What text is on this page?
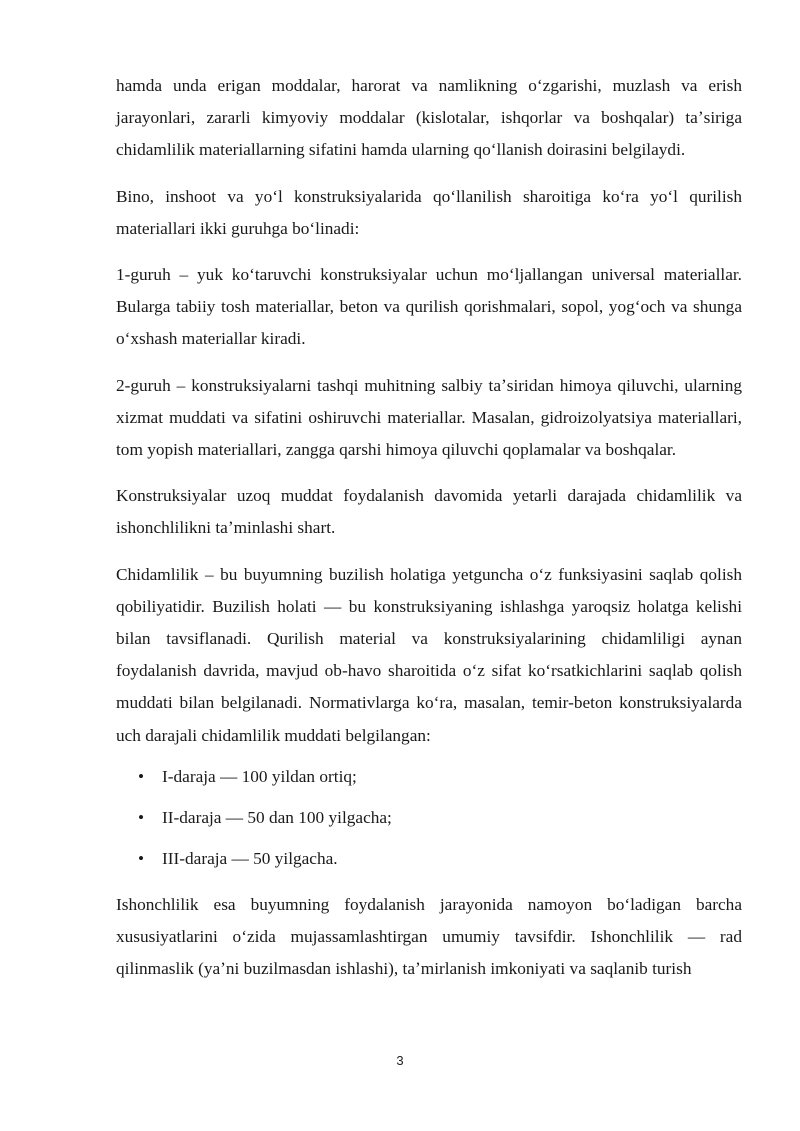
hamda unda erigan moddalar, harorat va namlikning oʻzgarishi, muzlash va erish jarayonlari, zararli kimyoviy moddalar (kislotalar, ishqorlar va boshqalar) taʼsiriga chidamlilik materiallarning sifatini hamda ularning qoʻllanish doirasini belgilaydi.

Bino, inshoot va yoʻl konstruksiyalarida qoʻllanilish sharoitiga koʻra yoʻl qurilish materiallari ikki guruhga boʻlinadi:

1-guruh – yuk koʻtaruvchi konstruksiyalar uchun moʻljallangan universal materiallar. Bularga tabiiy tosh materiallar, beton va qurilish qorishmalari, sopol, yogʻoch va shunga oʻxshash materiallar kiradi.

2-guruh – konstruksiyalarni tashqi muhitning salbiy taʼsiridan himoya qiluvchi, ularning xizmat muddati va sifatini oshiruvchi materiallar. Masalan, gidroizolyatsiya materiallari, tom yopish materiallari, zangga qarshi himoya qiluvchi qoplamalar va boshqalar.

Konstruksiyalar uzoq muddat foydalanish davomida yetarli darajada chidamlilik va ishonchlilikni taʼminlashi shart.

Chidamlilik – bu buyumning buzilish holatiga yetguncha oʻz funksiyasini saqlab qolish qobiliyatidir. Buzilish holati — bu konstruksiyaning ishlashga yaroqsiz holatga kelishi bilan tavsiflanadi. Qurilish material va konstruksiyalarining chidamliligi aynan foydalanish davrida, mavjud ob-havo sharoitida oʻz sifat koʻrsatkichlarini saqlab qolish muddati bilan belgilanadi. Normativlarga koʻra, masalan, temir-beton konstruksiyalarda uch darajali chidamlilik muddati belgilangan:

• I-daraja — 100 yildan ortiq;
• II-daraja — 50 dan 100 yilgacha;
• III-daraja — 50 yilgacha.

Ishonchlilik esa buyumning foydalanish jarayonida namoyon boʻladigan barcha xususiyatlarini oʻzida mujassamlashtirgan umumiy tavsifdir. Ishonchlilik — rad qilinmaslik (yaʼni buzilmasdan ishlashi), taʼmirlanish imkoniyati va saqlanib turish

3
